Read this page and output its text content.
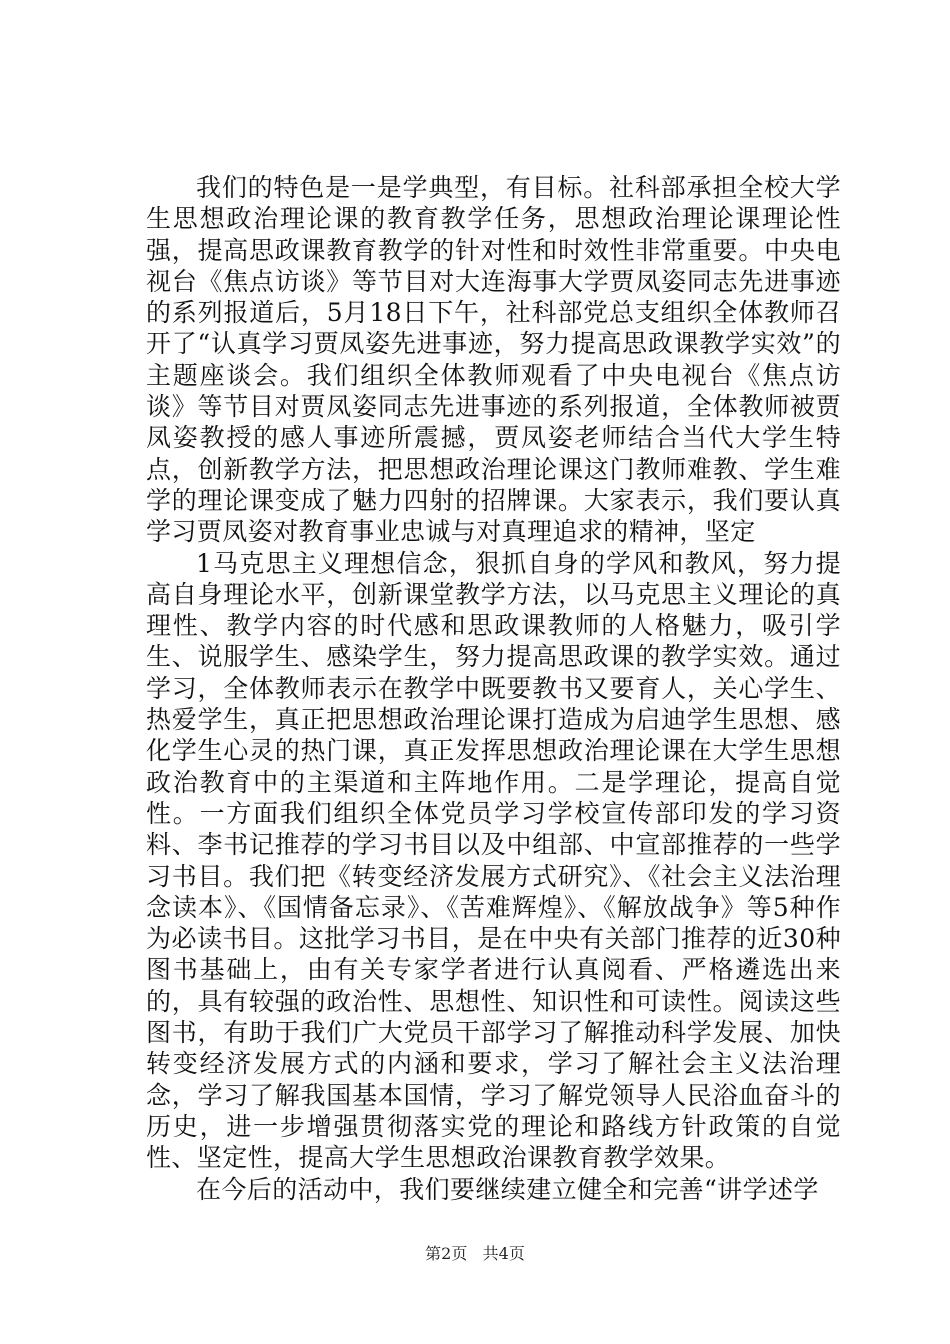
我们的特色是一是学典型，有目标。社科部承担全校大学生思想政治理论课的教育教学任务，思想政治理论课理论性强，提高思政课教育教学的针对性和时效性非常重要。中央电视台《焦点访谈》等节目对大连海事大学贾凤姿同志先进事迹的系列报道后，5月18日下午，社科部党总支组织全体教师召开了“认真学习贾凤姿先进事迹，努力提高思政课教学实效”的主题座谈会。我们组织全体教师观看了中央电视台《焦点访谈》等节目对贾凤姿同志先进事迹的系列报道，全体教师被贾凤姿教授的感人事迹所震撼，贾凤姿老师结合当代大学生特点，创新教学方法，把思想政治理论课这门教师难教、学生难学的理论课变成了魅力四射的招牌课。大家表示，我们要认真学习贾凤姿对教育事业忠诚与对真理追求的精神，坚定

1马克思主义理想信念，狠抓自身的学风和教风，努力提高自身理论水平，创新课堂教学方法，以马克思主义理论的真理性、教学内容的时代感和思政课教师的人格魅力，吸引学生、说服学生、感染学生，努力提高思政课的教学实效。通过学习，全体教师表示在教学中既要教书又要育人，关心学生、热爱学生，真正把思想政治理论课打造成为启迪学生思想、感化学生心灵的热门课，真正发挥思想政治理论课在大学生思想政治教育中的主渠道和主阵地作用。二是学理论，提高自觉性。一方面我们组织全体党员学习学校宣传部印发的学习资料、李书记推荐的学习书目以及中组部、中宣部推荐的一些学习书目。我们把《转变经济发展方式研究》、《社会主义法治理念读本》、《国情备忘录》、《苦难辉煌》、《解放战争》等5种作为必读书目。这批学习书目，是在中央有关部门推荐的近30种图书基础上，由有关专家学者进行认真阅看、严格遴选出来的，具有较强的政治性、思想性、知识性和可读性。阅读这些图书，有助于我们广大党员干部学习了解推动科学发展、加快转变经济发展方式的内涵和要求，学习了解社会主义法治理念，学习了解我国基本国情，学习了解党领导人民浴血奋斗的历史，进一步增强贯彻落实党的理论和路线方针政策的自觉性、坚定性，提高大学生思想政治课教育教学效果。

在今后的活动中，我们要继续建立健全和完善“讲学述学

第2页 共4页
